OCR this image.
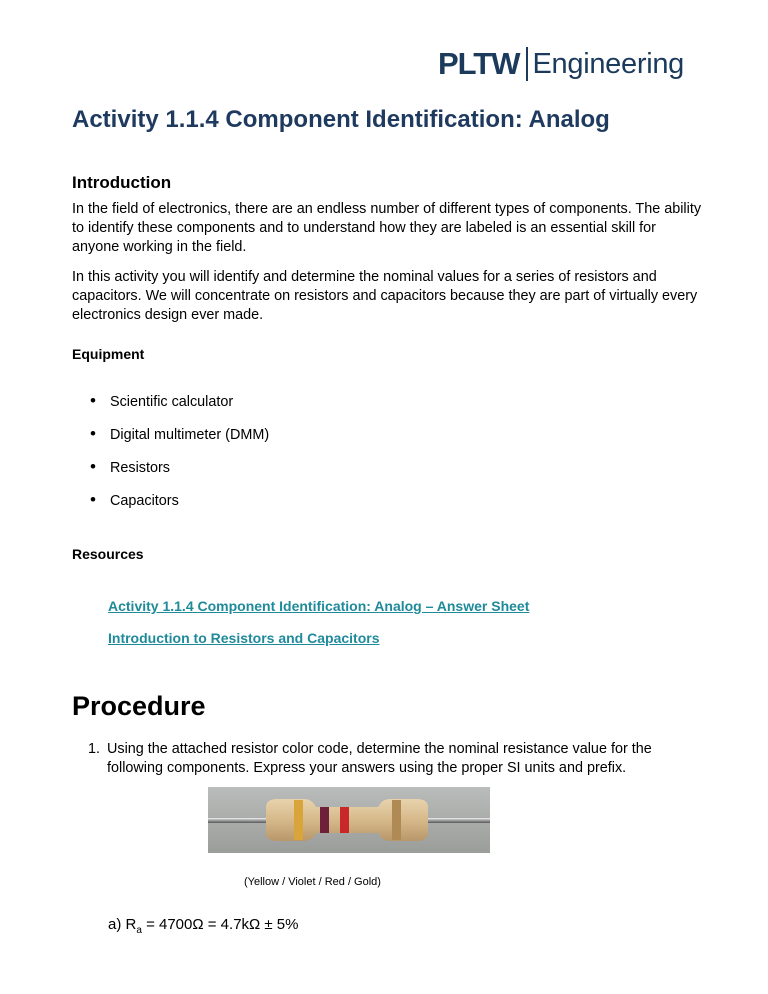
PLTW Engineering
Activity 1.1.4 Component Identification: Analog
Introduction

In the field of electronics, there are an endless number of different types of components. The ability to identify these components and to understand how they are labeled is an essential skill for anyone working in the field.

In this activity you will identify and determine the nominal values for a series of resistors and capacitors. We will concentrate on resistors and capacitors because they are part of virtually every electronics design ever made.

Equipment
• Scientific calculator
• Digital multimeter (DMM)
• Resistors
• Capacitors
Resources
Activity 1.1.4 Component Identification: Analog – Answer Sheet
Introduction to Resistors and Capacitors
Procedure

1. Using the attached resistor color code, determine the nominal resistance value for the following components. Express your answers using the proper SI units and prefix.

(Yellow / Violet / Red / Gold)

a) $R_a = 4700\Omega = 4.7k\Omega \pm 5\%$
